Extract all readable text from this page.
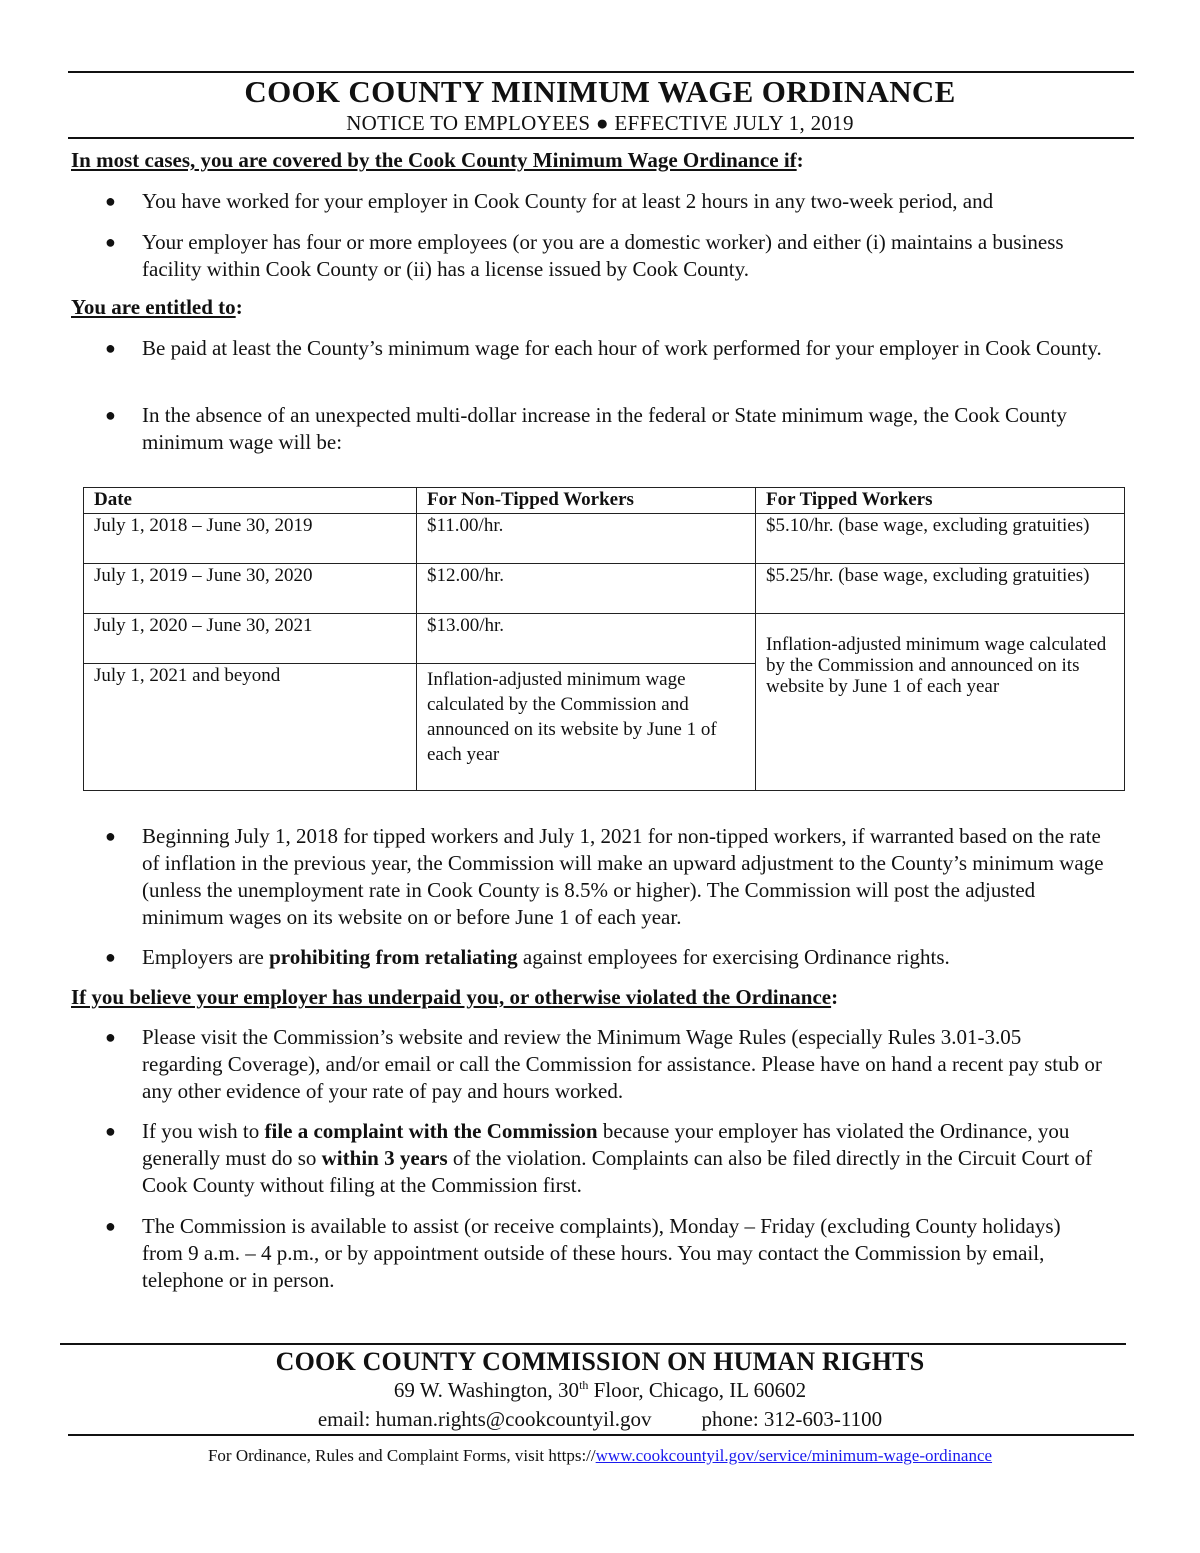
COOK COUNTY MINIMUM WAGE ORDINANCE
NOTICE TO EMPLOYEES ● EFFECTIVE JULY 1, 2019
In most cases, you are covered by the Cook County Minimum Wage Ordinance if:
●	You have worked for your employer in Cook County for at least 2 hours in any two-week period, and
●	Your employer has four or more employees (or you are a domestic worker) and either (i) maintains a business facility within Cook County or (ii) has a license issued by Cook County.
You are entitled to:
●	Be paid at least the County’s minimum wage for each hour of work performed for your employer in Cook County.
●	In the absence of an unexpected multi-dollar increase in the federal or State minimum wage, the Cook County minimum wage will be:
Date	For Non-Tipped Workers	For Tipped Workers
July 1, 2018 – June 30, 2019	$11.00/hr.	$5.10/hr. (base wage, excluding gratuities)
July 1, 2019 – June 30, 2020	$12.00/hr.	$5.25/hr. (base wage, excluding gratuities)
July 1, 2020 – June 30, 2021	$13.00/hr.	Inflation-adjusted minimum wage calculated by the Commission and announced on its website by June 1 of each year
July 1, 2021 and beyond	Inflation-adjusted minimum wage calculated by the Commission and announced on its website by June 1 of each year	
●	Beginning July 1, 2018 for tipped workers and July 1, 2021 for non-tipped workers, if warranted based on the rate of inflation in the previous year, the Commission will make an upward adjustment to the County’s minimum wage (unless the unemployment rate in Cook County is 8.5% or higher). The Commission will post the adjusted minimum wages on its website on or before June 1 of each year.
●	Employers are prohibiting from retaliating against employees for exercising Ordinance rights.
If you believe your employer has underpaid you, or otherwise violated the Ordinance:
●	Please visit the Commission’s website and review the Minimum Wage Rules (especially Rules 3.01-3.05 regarding Coverage), and/or email or call the Commission for assistance. Please have on hand a recent pay stub or any other evidence of your rate of pay and hours worked.
●	If you wish to file a complaint with the Commission because your employer has violated the Ordinance, you generally must do so within 3 years of the violation. Complaints can also be filed directly in the Circuit Court of Cook County without filing at the Commission first.
●	The Commission is available to assist (or receive complaints), Monday – Friday (excluding County holidays) from 9 a.m. – 4 p.m., or by appointment outside of these hours. You may contact the Commission by email, telephone or in person.
COOK COUNTY COMMISSION ON HUMAN RIGHTS
69 W. Washington, 30th Floor, Chicago, IL 60602
email: human.rights@cookcountyil.gov phone: 312-603-1100
For Ordinance, Rules and Complaint Forms, visit https://www.cookcountyil.gov/service/minimum-wage-ordinance
